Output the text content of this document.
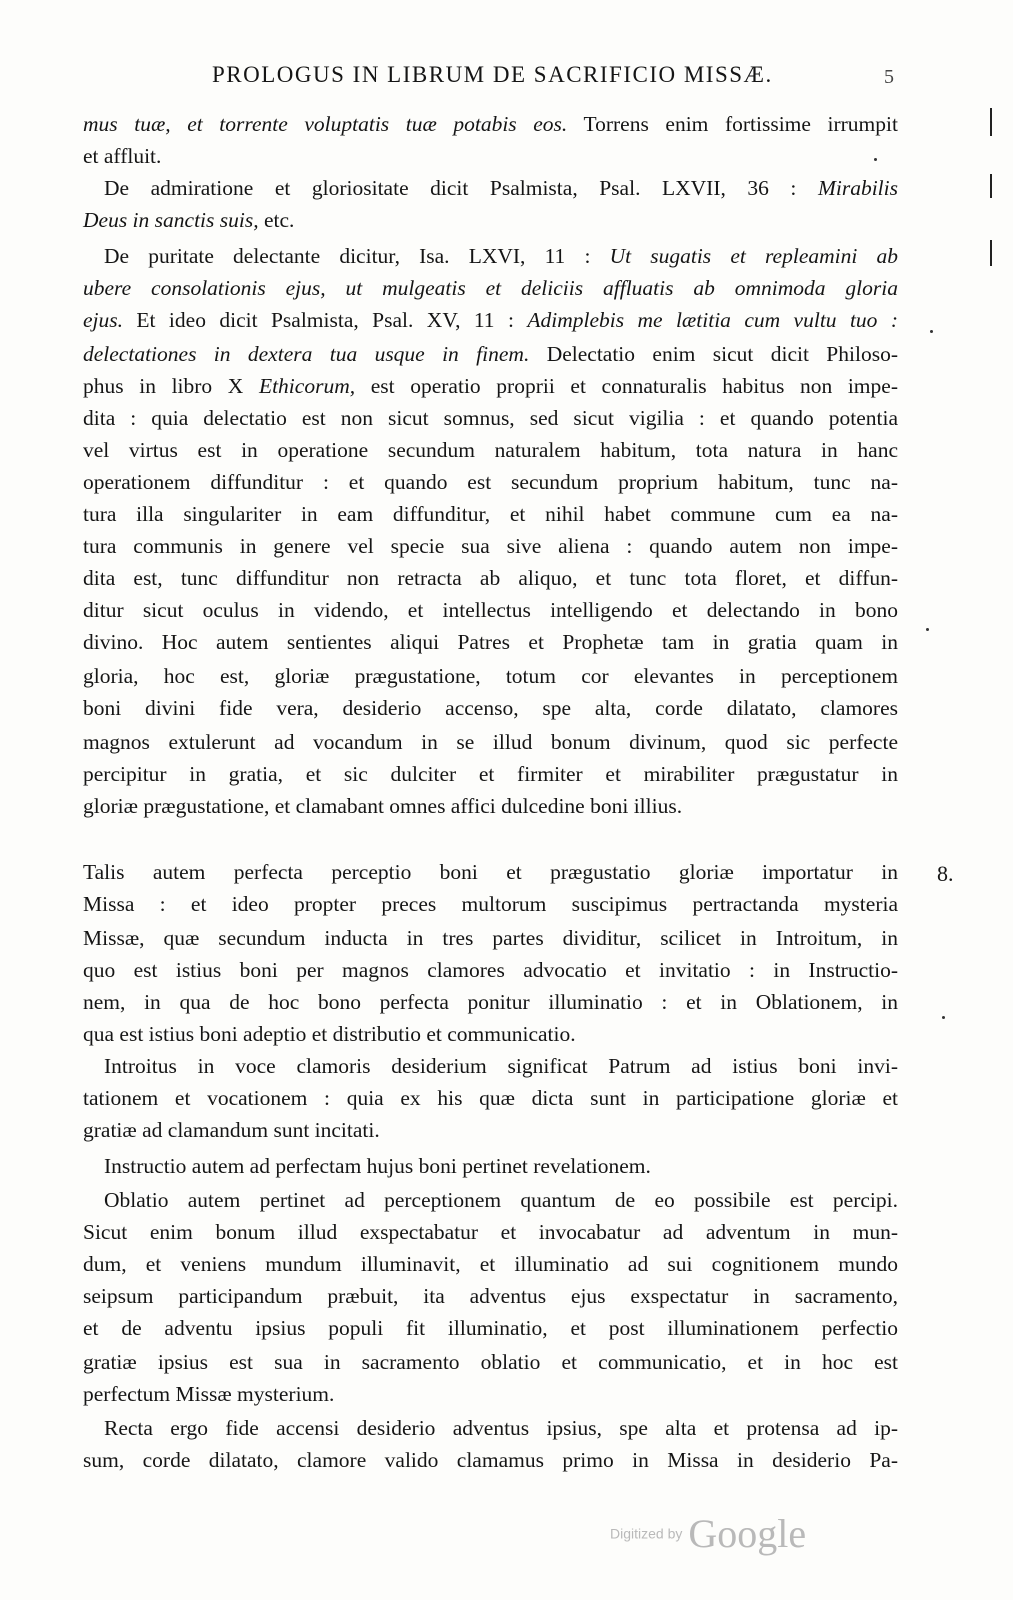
PROLOGUS IN LIBRUM DE SACRIFICIO MISSÆ.	5
mus tuæ, et torrente voluptatis tuæ potabis eos. Torrens enim fortissime irrumpit
et affluit.
De admiratione et gloriositate dicit Psalmista, Psal. LXVII, 36 : Mirabilis
Deus in sanctis suis, etc.
De puritate delectante dicitur, Isa. LXVI, 11 : Ut sugatis et repleamini ab
ubere consolationis ejus, ut mulgeatis et deliciis affluatis ab omnimoda gloria
ejus. Et ideo dicit Psalmista, Psal. XV, 11 : Adimplebis me lætitia cum vultu tuo :
delectationes in dextera tua usque in finem. Delectatio enim sicut dicit Philoso-
phus in libro X Ethicorum, est operatio proprii et connaturalis habitus non impe-
dita : quia delectatio est non sicut somnus, sed sicut vigilia : et quando potentia
vel virtus est in operatione secundum naturalem habitum, tota natura in hanc
operationem diffunditur : et quando est secundum proprium habitum, tunc na-
tura illa singulariter in eam diffunditur, et nihil habet commune cum ea na-
tura communis in genere vel specie sua sive aliena : quando autem non impe-
dita est, tunc diffunditur non retracta ab aliquo, et tunc tota floret, et diffun-
ditur sicut oculus in videndo, et intellectus intelligendo et delectando in bono
divino. Hoc autem sentientes aliqui Patres et Prophetæ tam in gratia quam in
gloria, hoc est, gloriæ prægustatione, totum cor elevantes in perceptionem
boni divini fide vera, desiderio accenso, spe alta, corde dilatato, clamores
magnos extulerunt ad vocandum in se illud bonum divinum, quod sic perfecte
percipitur in gratia, et sic dulciter et firmiter et mirabiliter prægustatur in
gloriæ prægustatione, et clamabant omnes affici dulcedine boni illius.
Talis autem perfecta perceptio boni et prægustatio gloriæ importatur in 8.
Missa : et ideo propter preces multorum suscipimus pertractanda mysteria
Missæ, quæ secundum inducta in tres partes dividitur, scilicet in Introitum, in
quo est istius boni per magnos clamores advocatio et invitatio : in Instructio-
nem, in qua de hoc bono perfecta ponitur illuminatio : et in Oblationem, in
qua est istius boni adeptio et distributio et communicatio.
Introitus in voce clamoris desiderium significat Patrum ad istius boni invi-
tationem et vocationem : quia ex his quæ dicta sunt in participatione gloriæ et
gratiæ ad clamandum sunt incitati.
Instructio autem ad perfectam hujus boni pertinet revelationem.
Oblatio autem pertinet ad perceptionem quantum de eo possibile est percipi.
Sicut enim bonum illud exspectabatur et invocabatur ad adventum in mun-
dum, et veniens mundum illuminavit, et illuminatio ad sui cognitionem mundo
seipsum participandum præbuit, ita adventus ejus exspectatur in sacramento,
et de adventu ipsius populi fit illuminatio, et post illuminationem perfectio
gratiæ ipsius est sua in sacramento oblatio et communicatio, et in hoc est
perfectum Missæ mysterium.
Recta ergo fide accensi desiderio adventus ipsius, spe alta et protensa ad ip-
sum, corde dilatato, clamore valido clamamus primo in Missa in desiderio Pa-
Digitized by Google
